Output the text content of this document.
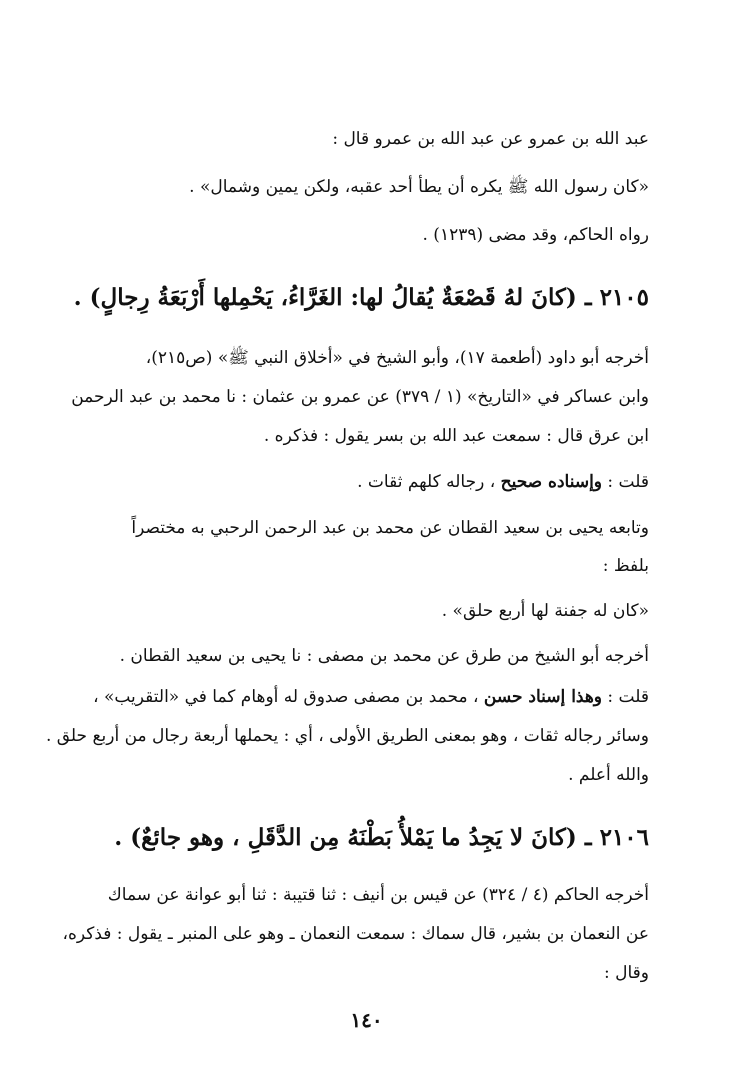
عبد الله بن عمرو عن عبد الله بن عمرو قال :
«كان رسول الله ﷺ يكره أن يطأ أحد عقبه، ولكن يمين وشمال» .
رواه الحاكم، وقد مضى (١٢٣٩) .
٢١٠٥ ـ (كانَ لهُ قَصْعَةٌ يُقالُ لها: الغَرَّاءُ، يَحْمِلها أَرْبَعَةُ رِجالٍ) .
أخرجه أبو داود (أطعمة ١٧)، وأبو الشيخ في «أخلاق النبي ﷺ» (ص٢١٥)،
وابن عساكر في «التاريخ» (١ / ٣٧٩) عن عمرو بن عثمان : نا محمد بن عبد الرحمن
ابن عرق قال : سمعت عبد الله بن بسر يقول : فذكره .
قلت : وإسناده صحيح ، رجاله كلهم ثقات .
وتابعه يحيى بن سعيد القطان عن محمد بن عبد الرحمن الرحبي به مختصراً
بلفظ :
«كان له جفنة لها أربع حلق» .
أخرجه أبو الشيخ من طرق عن محمد بن مصفى : نا يحيى بن سعيد القطان .
قلت : وهذا إسناد حسن ، محمد بن مصفى صدوق له أوهام كما في «التقريب» ،
وسائر رجاله ثقات ، وهو بمعنى الطريق الأولى ، أي : يحملها أربعة رجال من أربع حلق .
والله أعلم .
٢١٠٦ ـ (كانَ لا يَجِدُ ما يَمْلأُ بَطْنَهُ مِن الدَّقَلِ ، وهو جائعٌ) .
أخرجه الحاكم (٤ / ٣٢٤) عن قيس بن أنيف : ثنا قتيبة : ثنا أبو عوانة عن سماك
عن النعمان بن بشير، قال سماك : سمعت النعمان ـ وهو على المنبر ـ يقول : فذكره،
وقال :
١٤٠
